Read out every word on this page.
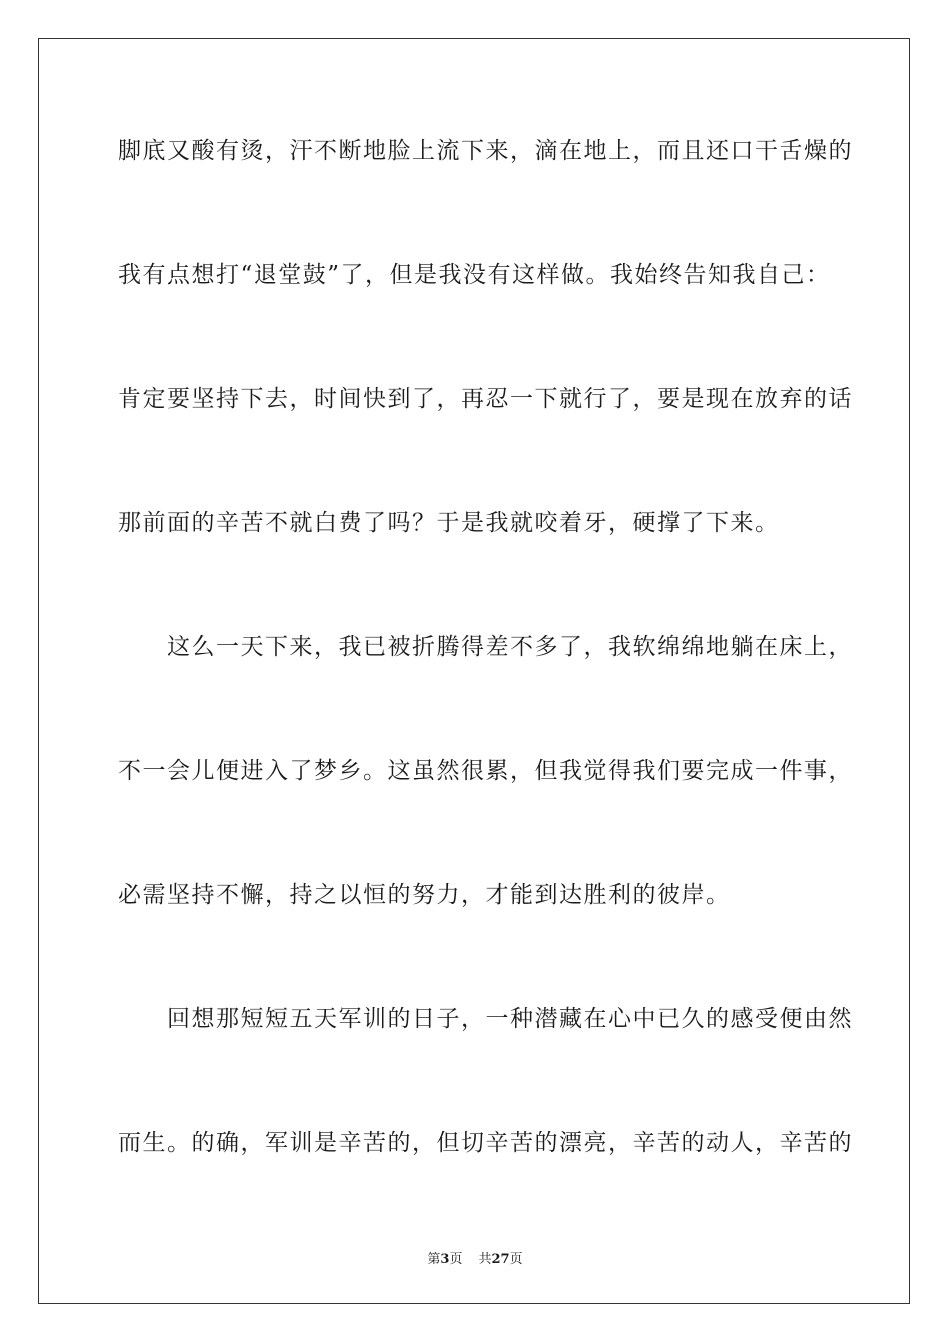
脚底又酸有烫，汗不断地脸上流下来，滴在地上，而且还口干舌燥的
我有点想打“退堂鼓”了，但是我没有这样做。我始终告知我自己：
肯定要坚持下去，时间快到了，再忍一下就行了，要是现在放弃的话
那前面的辛苦不就白费了吗？于是我就咬着牙，硬撑了下来。
　　这么一天下来，我已被折腾得差不多了，我软绵绵地躺在床上，
不一会儿便进入了梦乡。这虽然很累，但我觉得我们要完成一件事，
必需坚持不懈，持之以恒的努力，才能到达胜利的彼岸。
　　回想那短短五天军训的日子，一种潜藏在心中已久的感受便由然
而生。的确，军训是辛苦的，但切辛苦的漂亮，辛苦的动人，辛苦的
第3页 共27页
